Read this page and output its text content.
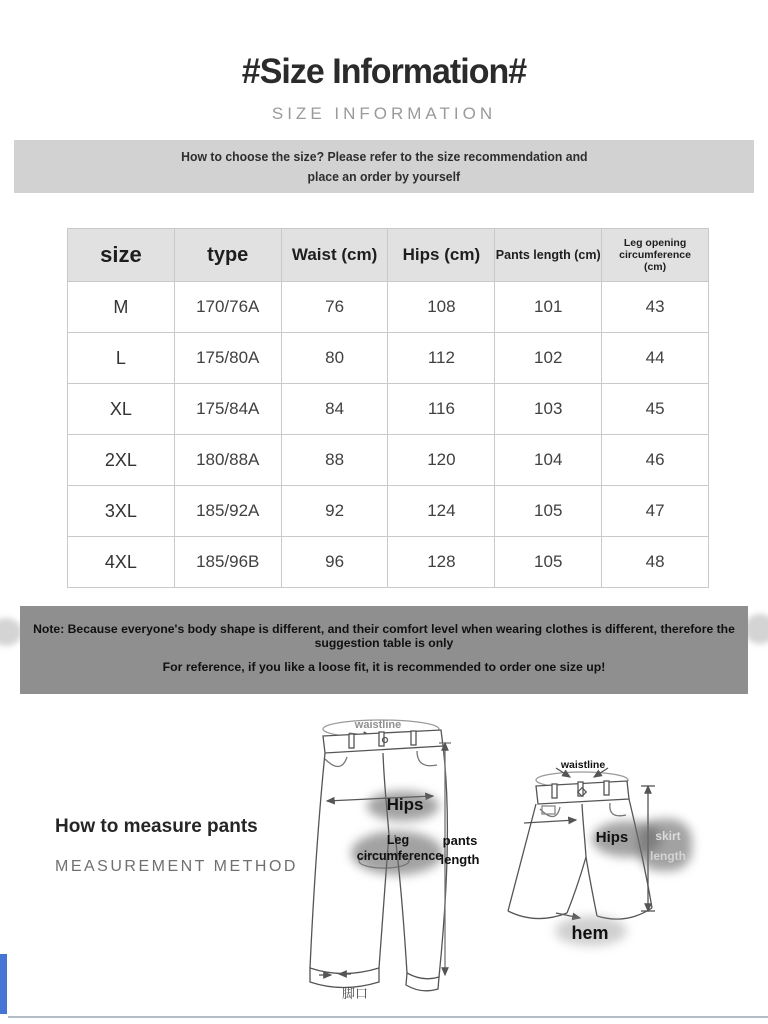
#Size Information#
SIZE INFORMATION
How to choose the size? Please refer to the size recommendation and
place an order by yourself
size	type	Waist (cm)	Hips (cm)	Pants length (cm)	Leg opening circumference (cm)
M	170/76A	76	108	101	43
L	175/80A	80	112	102	44
XL	175/84A	84	116	103	45
2XL	180/88A	88	120	104	46
3XL	185/92A	92	124	105	47
4XL	185/96B	96	128	105	48
Note: Because everyone's body shape is different, and their comfort level when wearing clothes is different, therefore the suggestion table is only
For reference, if you like a loose fit, it is recommended to order one size up!
How to measure pants
MEASUREMENT METHOD
waistline
Hips
Leg
circumference
pants
length
脚口
waistline
Hips	skirt
length
hem
